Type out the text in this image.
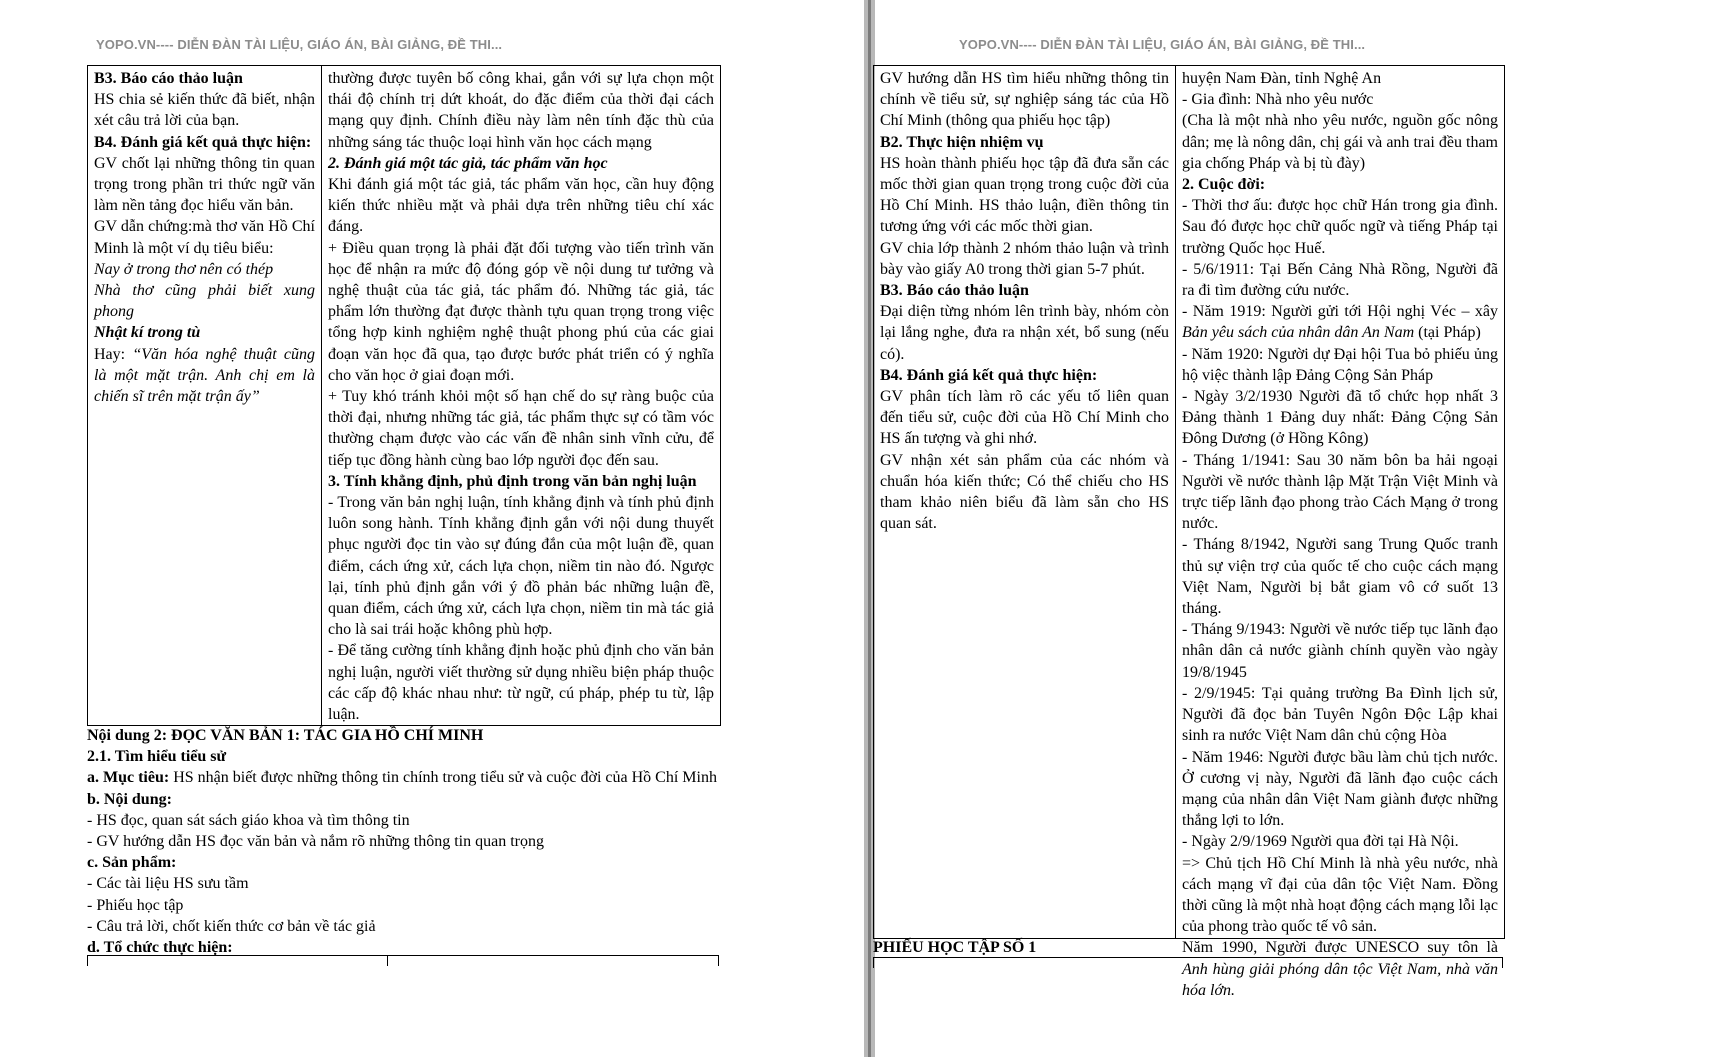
YOPO.VN---- DIỄN ĐÀN TÀI LIỆU, GIÁO ÁN, BÀI GIẢNG, ĐỀ THI...

B3. Báo cáo thảo luận

HS chia sẻ kiến thức đã biết, nhận xét câu trả lời của bạn.

B4. Đánh giá kết quả thực hiện:

GV chốt lại những thông tin quan trọng trong phần tri thức ngữ văn làm nền tảng đọc hiểu văn bản.

GV dẫn chứng:mà thơ văn Hồ Chí Minh là một ví dụ tiêu biểu:

Nay ở trong thơ nên có thép

Nhà thơ cũng phải biết xung phong

Nhật kí trong tù

Hay: “Văn hóa nghệ thuật cũng là một mặt trận. Anh chị em là chiến sĩ trên mặt trận ấy”

thường được tuyên bố công khai, gắn với sự lựa chọn một thái độ chính trị dứt khoát, do đặc điểm của thời đại cách mạng quy định. Chính điều này làm nên tính đặc thù của những sáng tác thuộc loại hình văn học cách mạng

2. Đánh giá một tác giả, tác phẩm văn học

Khi đánh giá một tác giả, tác phẩm văn học, cần huy động kiến thức nhiều mặt và phải dựa trên những tiêu chí xác đáng.

+ Điều quan trọng là phải đặt đối tượng vào tiến trình văn học để nhận ra mức độ đóng góp về nội dung tư tưởng và nghệ thuật của tác giả, tác phẩm đó. Những tác giả, tác phẩm lớn thường đạt được thành tựu quan trọng trong việc tổng hợp kinh nghiệm nghệ thuật phong phú của các giai đoạn văn học đã qua, tạo được bước phát triển có ý nghĩa cho văn học ở giai đoạn mới.

+ Tuy khó tránh khỏi một số hạn chế do sự ràng buộc của thời đại, nhưng những tác giả, tác phẩm thực sự có tầm vóc thường chạm được vào các vấn đề nhân sinh vĩnh cửu, để tiếp tục đồng hành cùng bao lớp người đọc đến sau.

3. Tính khẳng định, phủ định trong văn bản nghị luận

- Trong văn bản nghị luận, tính khẳng định và tính phủ định luôn song hành. Tính khẳng định gắn với nội dung thuyết phục người đọc tin vào sự đúng đắn của một luận đề, quan điểm, cách ứng xử, cách lựa chọn, niềm tin nào đó. Ngược lại, tính phủ định gắn với ý đồ phản bác những luận đề, quan điểm, cách ứng xử, cách lựa chọn, niềm tin mà tác giả cho là sai trái hoặc không phù hợp.

- Để tăng cường tính khẳng định hoặc phủ định cho văn bản nghị luận, người viết thường sử dụng nhiều biện pháp thuộc các cấp độ khác nhau như: từ ngữ, cú pháp, phép tu từ, lập luận.

Nội dung 2: ĐỌC VĂN BẢN 1: TÁC GIA HỒ CHÍ MINH

2.1. Tìm hiểu tiểu sử

a. Mục tiêu: HS nhận biết được những thông tin chính trong tiểu sử và cuộc đời của Hồ Chí Minh

b. Nội dung:

- HS đọc, quan sát sách giáo khoa và tìm thông tin

- GV hướng dẫn HS đọc văn bản và nắm rõ những thông tin quan trọng

c. Sản phẩm:

- Các tài liệu HS sưu tầm

- Phiếu học tập

- Câu trả lời, chốt kiến thức cơ bản về tác giả

d. Tổ chức thực hiện:

YOPO.VN---- DIỄN ĐÀN TÀI LIỆU, GIÁO ÁN, BÀI GIẢNG, ĐỀ THI...

GV hướng dẫn HS tìm hiểu những thông tin chính về tiểu sử, sự nghiệp sáng tác của Hồ Chí Minh (thông qua phiếu học tập)

B2. Thực hiện nhiệm vụ

HS hoàn thành phiếu học tập đã đưa sẵn các mốc thời gian quan trọng trong cuộc đời của Hồ Chí Minh. HS thảo luận, điền thông tin tương ứng với các mốc thời gian.

GV chia lớp thành 2 nhóm thảo luận và trình bày vào giấy A0 trong thời gian 5-7 phút.

B3. Báo cáo thảo luận

Đại diện từng nhóm lên trình bày, nhóm còn lại lắng nghe, đưa ra nhận xét, bổ sung (nếu có).

B4. Đánh giá kết quả thực hiện:

GV phân tích làm rõ các yếu tố liên quan đến tiểu sử, cuộc đời của Hồ Chí Minh cho HS ấn tượng và ghi nhớ.

GV nhận xét sản phẩm của các nhóm và chuẩn hóa kiến thức; Có thể chiếu cho HS tham khảo niên biểu đã làm sẵn cho HS quan sát.

huyện Nam Đàn, tỉnh Nghệ An

- Gia đình: Nhà nho yêu nước

(Cha là một nhà nho yêu nước, nguồn gốc nông dân; mẹ là nông dân, chị gái và anh trai đều tham gia chống Pháp và bị tù đày)

2. Cuộc đời:

- Thời thơ ấu: được học chữ Hán trong gia đình. Sau đó được học chữ quốc ngữ và tiếng Pháp tại trường Quốc học Huế.

- 5/6/1911: Tại Bến Cảng Nhà Rồng, Người đã ra đi tìm đường cứu nước.

- Năm 1919: Người gửi tới Hội nghị Véc – xây Bản yêu sách của nhân dân An Nam (tại Pháp)

- Năm 1920: Người dự Đại hội Tua bỏ phiếu ủng hộ việc thành lập Đảng Cộng Sản Pháp

- Ngày 3/2/1930 Người đã tổ chức họp nhất 3 Đảng thành 1 Đảng duy nhất: Đảng Cộng Sản Đông Dương (ở Hồng Kông)

- Tháng 1/1941: Sau 30 năm bôn ba hải ngoại Người về nước thành lập Mặt Trận Việt Minh và trực tiếp lãnh đạo phong trào Cách Mạng ở trong nước.

- Tháng 8/1942, Người sang Trung Quốc tranh thủ sự viện trợ của quốc tế cho cuộc cách mạng Việt Nam, Người bị bắt giam vô cớ suốt 13 tháng.

- Tháng 9/1943: Người về nước tiếp tục lãnh đạo nhân dân cả nước giành chính quyền vào ngày 19/8/1945

- 2/9/1945: Tại quảng trường Ba Đình lịch sử, Người đã đọc bản Tuyên Ngôn Độc Lập khai sinh ra nước Việt Nam dân chủ cộng Hòa

- Năm 1946: Người được bầu làm chủ tịch nước. Ở cương vị này, Người đã lãnh đạo cuộc cách mạng của nhân dân Việt Nam giành được những thắng lợi to lớn.

- Ngày 2/9/1969 Người qua đời tại Hà Nội.

=> Chủ tịch Hồ Chí Minh là nhà yêu nước, nhà cách mạng vĩ đại của dân tộc Việt Nam. Đồng thời cũng là một nhà hoạt động cách mạng lỗi lạc của phong trào quốc tế vô sản.

Năm 1990, Người được UNESCO suy tôn là Anh hùng giải phóng dân tộc Việt Nam, nhà văn hóa lớn.

PHIẾU HỌC TẬP SỐ 1
